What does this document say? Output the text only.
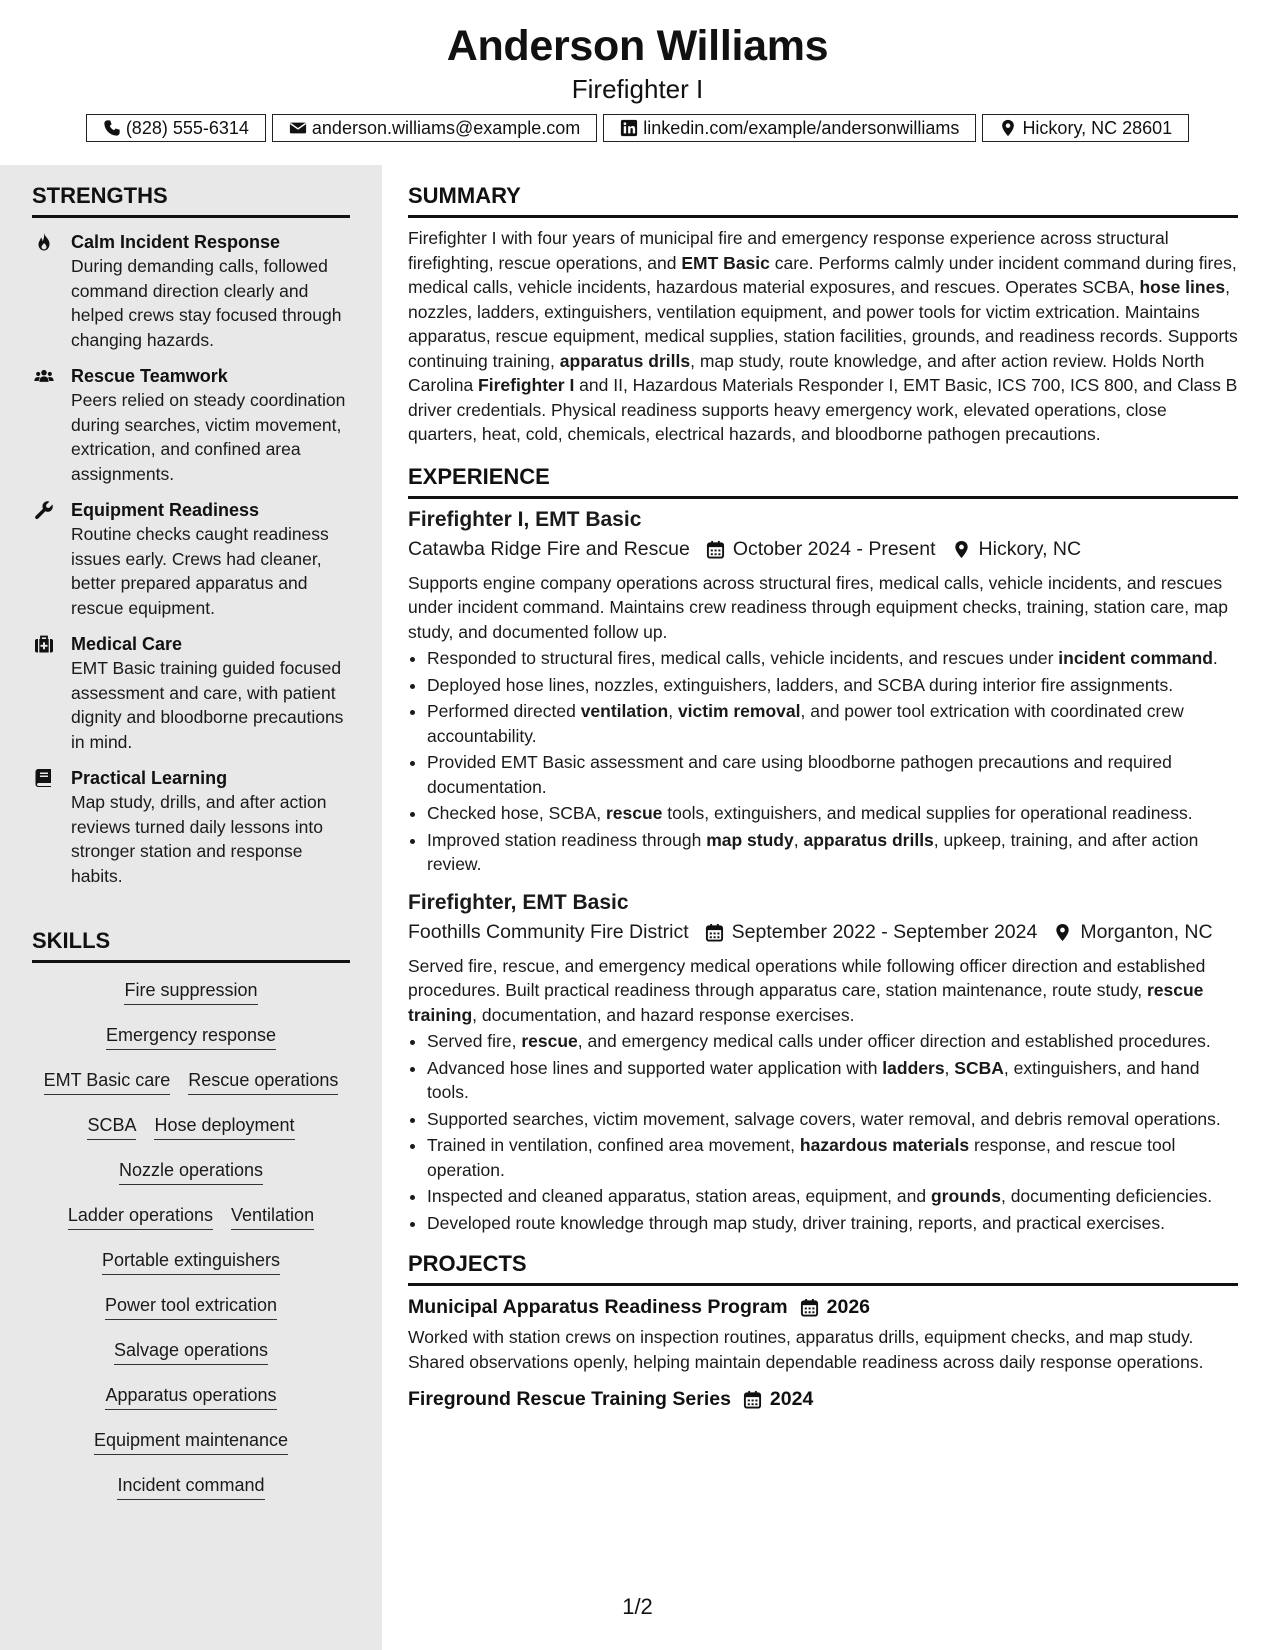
Anderson Williams
Firefighter I
(828) 555-6314	anderson.williams@example.com	linkedin.com/example/andersonwilliams	Hickory, NC 28601
STRENGTHS
Calm Incident Response
During demanding calls, followed command direction clearly and helped crews stay focused through changing hazards.
Rescue Teamwork
Peers relied on steady coordination during searches, victim movement, extrication, and confined area assignments.
Equipment Readiness
Routine checks caught readiness issues early. Crews had cleaner, better prepared apparatus and rescue equipment.
Medical Care
EMT Basic training guided focused assessment and care, with patient dignity and bloodborne precautions in mind.
Practical Learning
Map study, drills, and after action reviews turned daily lessons into stronger station and response habits.
SKILLS
Fire suppression
Emergency response
EMT Basic care Rescue operations
SCBA Hose deployment
Nozzle operations
Ladder operations Ventilation
Portable extinguishers
Power tool extrication
Salvage operations
Apparatus operations
Equipment maintenance
Incident command
SUMMARY
Firefighter I with four years of municipal fire and emergency response experience across structural firefighting, rescue operations, and EMT Basic care. Performs calmly under incident command during fires, medical calls, vehicle incidents, hazardous material exposures, and rescues. Operates SCBA, hose lines, nozzles, ladders, extinguishers, ventilation equipment, and power tools for victim extrication. Maintains apparatus, rescue equipment, medical supplies, station facilities, grounds, and readiness records. Supports continuing training, apparatus drills, map study, route knowledge, and after action review. Holds North Carolina Firefighter I and II, Hazardous Materials Responder I, EMT Basic, ICS 700, ICS 800, and Class B driver credentials. Physical readiness supports heavy emergency work, elevated operations, close quarters, heat, cold, chemicals, electrical hazards, and bloodborne pathogen precautions.
EXPERIENCE
Firefighter I, EMT Basic
Catawba Ridge Fire and Rescue October 2024 - Present Hickory, NC
Supports engine company operations across structural fires, medical calls, vehicle incidents, and rescues under incident command. Maintains crew readiness through equipment checks, training, station care, map study, and documented follow up.
• Responded to structural fires, medical calls, vehicle incidents, and rescues under incident command.
• Deployed hose lines, nozzles, extinguishers, ladders, and SCBA during interior fire assignments.
• Performed directed ventilation, victim removal, and power tool extrication with coordinated crew accountability.
• Provided EMT Basic assessment and care using bloodborne pathogen precautions and required documentation.
• Checked hose, SCBA, rescue tools, extinguishers, and medical supplies for operational readiness.
• Improved station readiness through map study, apparatus drills, upkeep, training, and after action review.
Firefighter, EMT Basic
Foothills Community Fire District September 2022 - September 2024 Morganton, NC
Served fire, rescue, and emergency medical operations while following officer direction and established procedures. Built practical readiness through apparatus care, station maintenance, route study, rescue training, documentation, and hazard response exercises.
• Served fire, rescue, and emergency medical calls under officer direction and established procedures.
• Advanced hose lines and supported water application with ladders, SCBA, extinguishers, and hand tools.
• Supported searches, victim movement, salvage covers, water removal, and debris removal operations.
• Trained in ventilation, confined area movement, hazardous materials response, and rescue tool operation.
• Inspected and cleaned apparatus, station areas, equipment, and grounds, documenting deficiencies.
• Developed route knowledge through map study, driver training, reports, and practical exercises.
PROJECTS
Municipal Apparatus Readiness Program 2026
Worked with station crews on inspection routines, apparatus drills, equipment checks, and map study. Shared observations openly, helping maintain dependable readiness across daily response operations.
Fireground Rescue Training Series 2024
1/2
